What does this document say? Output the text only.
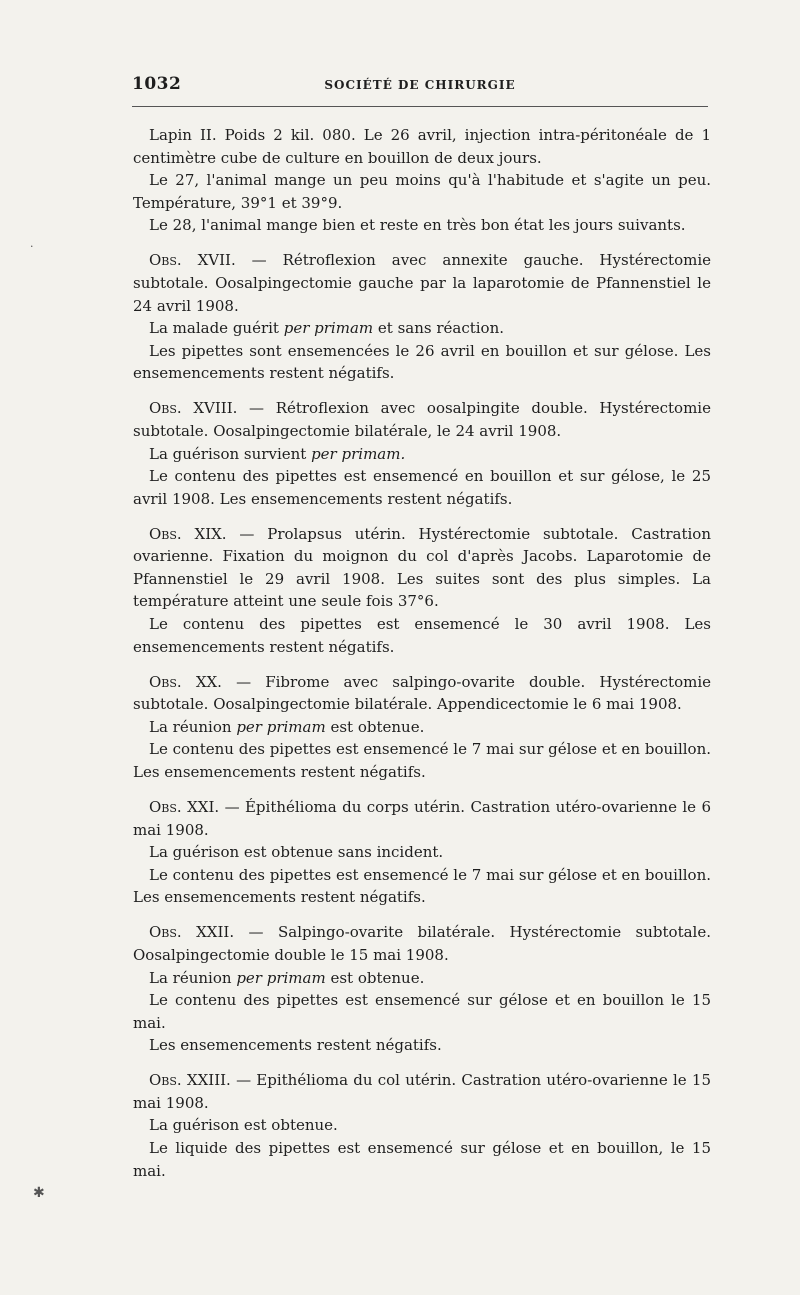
1032	SOCIÉTÉ DE CHIRURGIE
·
✱

Lapin II. Poids 2 kil. 080. Le 26 avril, injection intra-péritonéale de 1 centimètre cube de culture en bouillon de deux jours.

Le 27, l'animal mange un peu moins qu'à l'habitude et s'agite un peu. Température, 39°1 et 39°9.

Le 28, l'animal mange bien et reste en très bon état les jours suivants.

Obs. XVII. — Rétroflexion avec annexite gauche. Hystérectomie subtotale. Oosalpingectomie gauche par la laparotomie de Pfannenstiel le 24 avril 1908.

La malade guérit per primam et sans réaction.

Les pipettes sont ensemencées le 26 avril en bouillon et sur gélose. Les ensemencements restent négatifs.

Obs. XVIII. — Rétroflexion avec oosalpingite double. Hystérectomie subtotale. Oosalpingectomie bilatérale, le 24 avril 1908.

La guérison survient per primam.

Le contenu des pipettes est ensemencé en bouillon et sur gélose, le 25 avril 1908. Les ensemencements restent négatifs.

Obs. XIX. — Prolapsus utérin. Hystérectomie subtotale. Castration ovarienne. Fixation du moignon du col d'après Jacobs. Laparotomie de Pfannenstiel le 29 avril 1908. Les suites sont des plus simples. La température atteint une seule fois 37°6.

Le contenu des pipettes est ensemencé le 30 avril 1908. Les ensemencements restent négatifs.

Obs. XX. — Fibrome avec salpingo-ovarite double. Hystérectomie subtotale. Oosalpingectomie bilatérale. Appendicectomie le 6 mai 1908.

La réunion per primam est obtenue.

Le contenu des pipettes est ensemencé le 7 mai sur gélose et en bouillon. Les ensemencements restent négatifs.

Obs. XXI. — Épithélioma du corps utérin. Castration utéro-ovarienne le 6 mai 1908.

La guérison est obtenue sans incident.

Le contenu des pipettes est ensemencé le 7 mai sur gélose et en bouillon. Les ensemencements restent négatifs.

Obs. XXII. — Salpingo-ovarite bilatérale. Hystérectomie subtotale. Oosalpingectomie double le 15 mai 1908.

La réunion per primam est obtenue.

Le contenu des pipettes est ensemencé sur gélose et en bouillon le 15 mai.

Les ensemencements restent négatifs.

Obs. XXIII. — Epithélioma du col utérin. Castration utéro-ovarienne le 15 mai 1908.

La guérison est obtenue.

Le liquide des pipettes est ensemencé sur gélose et en bouillon, le 15 mai.
